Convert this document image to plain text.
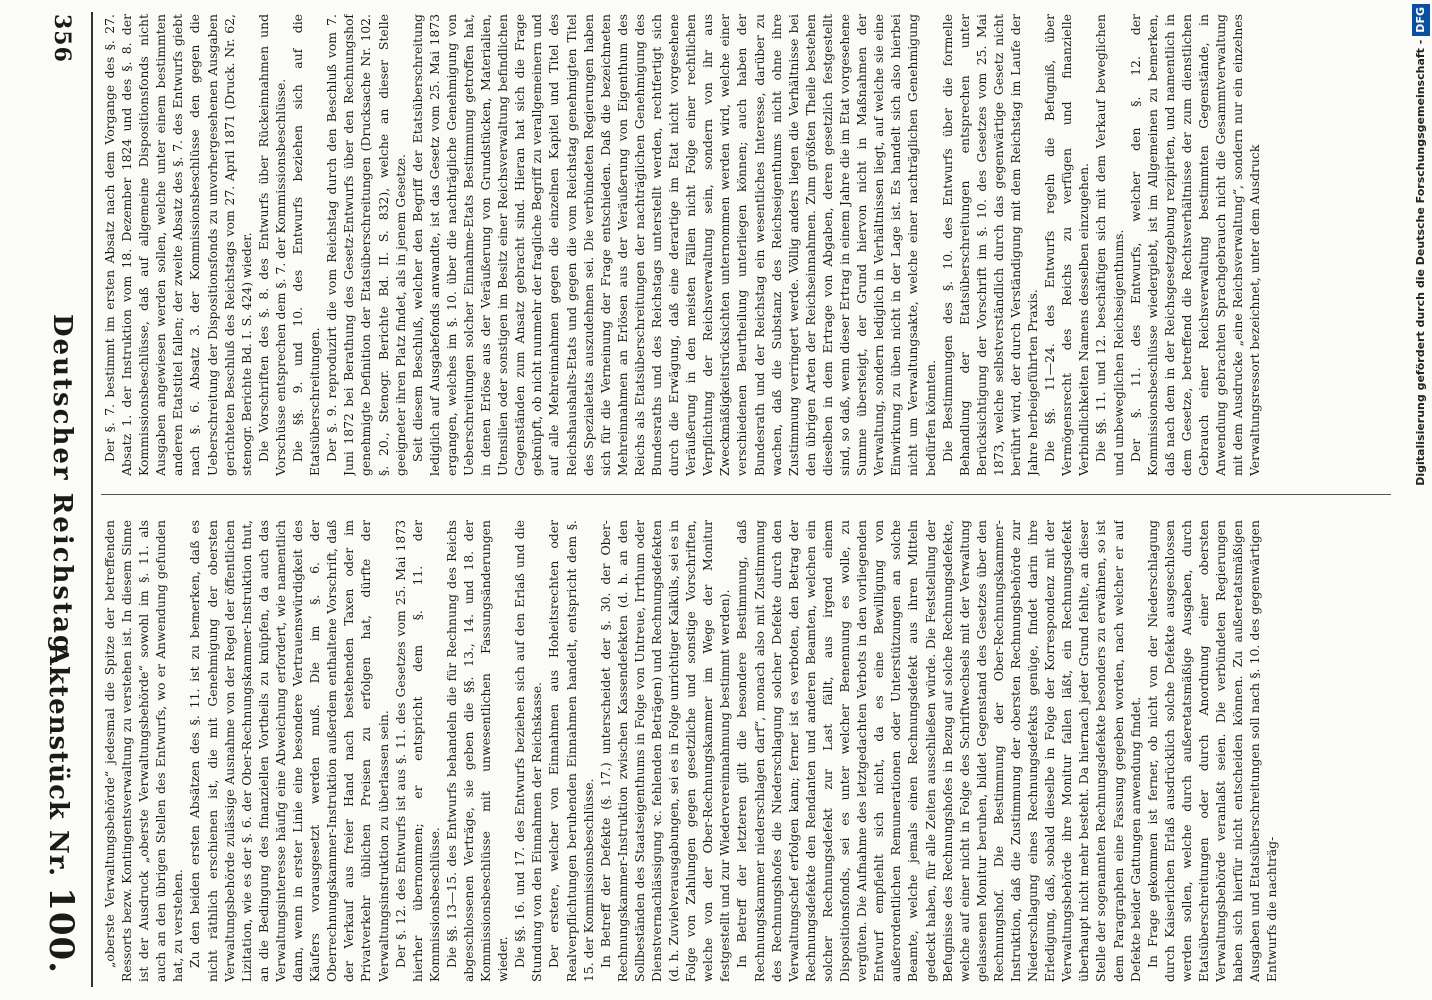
356
Deutscher Reichstag.
Aktenstück Nr. 100.

Der §. 7. bestimmt im ersten Absatz nach dem Vorgange des §. 27. Absatz 1. der Instruktion vom 18. Dezember 1824 und des §. 8. der Kommissionsbeschlüsse, daß auf allgemeine Dispositionsfonds nicht Ausgaben angewiesen werden sollen, welche unter einem bestimmten anderen Etatstitel fallen; der zweite Absatz des §. 7. des Entwurfs giebt nach §. 6. Absatz 3. der Kommissionsbeschlüsse den gegen die Ueberschreitung der Dispositionsfonds zu unvorhergesehenen Ausgaben gerichteten Beschluß des Reichstags vom 27. April 1871 (Druck. Nr. 62, stenogr. Berichte Bd. I. S. 424) wieder. Die Vorschriften des §. 8. des Entwurfs über Rückeinnahmen und Vorschüsse entsprechen dem §. 7. der Kommissionsbeschlüsse. Die §§. 9. und 10. des Entwurfs beziehen sich auf die Etatsüberschreitungen. Der §. 9. reproduzirt die vom Reichstag durch den Beschluß vom 7. Juni 1872 bei Berathung des Gesetz-Entwurfs über den Rechnungshof genehmigte Definition der Etatsüberschreitungen (Drucksache Nr. 102. §. 20., Stenogr. Berichte Bd. II. S. 832), welche an dieser Stelle geeigneter ihren Platz findet, als in jenem Gesetze. Seit diesem Beschluß, welcher den Begriff der Etatsüberschreitung lediglich auf Ausgabefonds anwandte, ist das Gesetz vom 25. Mai 1873 ergangen, welches im §. 10. über die nachträgliche Genehmigung von Ueberschreitungen solcher Einnahme-Etats Bestimmung getroffen hat, in denen Erlöse aus der Veräußerung von Grundstücken, Materialien, Utensilien oder sonstigen im Besitz einer Reichsverwaltung befindlichen Gegenständen zum Ansatz gebracht sind. Hieran hat sich die Frage geknüpft, ob nicht nunmehr der fragliche Begriff zu verallgemeinern und auf alle Mehreinnahmen gegen die einzelnen Kapitel und Titel des Reichshaushalts-Etats und gegen die vom Reichstag genehmigten Titel des Spezialetats auszudehnen sei. Die verbündeten Regierungen haben sich für die Verneinung der Frage entschieden. Daß die bezeichneten Mehreinnahmen an Erlösen aus der Veräußerung von Eigenthum des Reichs als Etatsüberschreitungen der nachträglichen Genehmigung des Bundesraths und des Reichstags unterstellt werden, rechtfertigt sich durch die Erwägung, daß eine derartige im Etat nicht vorgesehene Veräußerung in den meisten Fällen nicht Folge einer rechtlichen Verpflichtung der Reichsverwaltung sein, sondern von ihr aus Zweckmäßigkeitsrücksichten unternommen werden wird, welche einer verschiedenen Beurtheilung unterliegen können; auch haben der Bundesrath und der Reichstag ein wesentliches Interesse, darüber zu wachen, daß die Substanz des Reichseigenthums nicht ohne ihre Zustimmung verringert werde. Völlig anders liegen die Verhältnisse bei den übrigen Arten der Reichseinnahmen. Zum größten Theile bestehen dieselben in dem Ertrage von Abgaben, deren gesetzlich festgestellt sind, so daß, wenn dieser Ertrag in einem Jahre die im Etat vorgesehene Summe übersteigt, der Grund hiervon nicht in Maßnahmen der Verwaltung, sondern lediglich in Verhältnissen liegt, auf welche sie eine Einwirkung zu üben nicht in der Lage ist. Es handelt sich also hierbei nicht um Verwaltungsakte, welche einer nachträglichen Genehmigung bedürfen könnten. Die Bestimmungen des §. 10. des Entwurfs über die formelle Behandlung der Etatsüberschreitungen entsprechen unter Berücksichtigung der Vorschrift im §. 10. des Gesetzes vom 25. Mai 1873, welche selbstverständlich durch das gegenwärtige Gesetz nicht berührt wird, der durch Verständigung mit dem Reichstag im Laufe der Jahre herbeigeführten Praxis. Die §§. 11—24. des Entwurfs regeln die Befugniß, über Vermögensrecht des Reichs zu verfügen und finanzielle Verbindlichkeiten Namens desselben einzugehen. Die §§. 11. und 12. beschäftigen sich mit dem Verkauf beweglichen und unbeweglichen Reichseigenthums. Der §. 11. des Entwurfs, welcher den §. 12. der Kommissionsbeschlüsse wiedergiebt, ist im Allgemeinen zu bemerken, daß nach dem in der Reichsgesetzgebung rezipirten, und namentlich in dem Gesetze, betreffend die Rechtsverhältnisse der zum dienstlichen Gebrauch einer Reichsverwaltung bestimmten Gegenstände, in Anwendung gebrachten Sprachgebrauch nicht die Gesammtverwaltung mit dem Ausdrucke „eine Reichsverwaltung“, sondern nur ein einzelnes Verwaltungsressort bezeichnet, unter dem Ausdruck

„oberste Verwaltungsbehörde“ jedesmal die Spitze der betreffenden Ressorts bezw. Kontingentsverwaltung zu verstehen ist. In diesem Sinne ist der Ausdruck „oberste Verwaltungsbehörde“ sowohl im §. 11. als auch an den übrigen Stellen des Entwurfs, wo er Anwendung gefunden hat, zu verstehen. Zu den beiden ersten Absätzen des §. 11. ist zu bemerken, daß es nicht räthlich erschienen ist, die mit Genehmigung der obersten Verwaltungsbehörde zulässige Ausnahme von der Regel der öffentlichen Lizitation, wie es der §. 6. der Ober-Rechnungskammer-Instruktion thut, an die Bedingung des finanziellen Vortheils zu knüpfen, da auch das Verwaltungsinteresse häufig eine Abweichung erfordert, wie namentlich dann, wenn in erster Linie eine besondere Vertrauenswürdigkeit des Käufers vorausgesetzt werden muß. Die im §. 6. der Oberrechnungskammer-Instruktion außerdem enthaltene Vorschrift, daß der Verkauf aus freier Hand nach bestehenden Taxen oder im Privatverkehr üblichen Preisen zu erfolgen hat, dürfte der Verwaltungsinstruktion zu überlassen sein. Der §. 12. des Entwurfs ist aus §. 11. des Gesetzes vom 25. Mai 1873 hierher übernommen; er entspricht dem §. 11. der Kommissionsbeschlüsse. Die §§. 13—15. des Entwurfs behandeln die für Rechnung des Reichs abgeschlossenen Verträge, sie geben die §§. 13., 14. und 18. der Kommissionsbeschlüsse mit unwesentlichen Fassungsänderungen wieder. Die §§. 16. und 17. des Entwurfs beziehen sich auf den Erlaß und die Stundung von den Einnahmen der Reichskasse. Der erstere, welcher von Einnahmen aus Hoheitsrechten oder Realverpflichtungen beruhenden Einnahmen handelt, entspricht dem §. 15. der Kommissionsbeschlüsse. In Betreff der Defekte (§. 17.) unterscheidet der §. 30. der Ober-Rechnungskammer-Instruktion zwischen Kassendefekten (d. h. an den Sollbeständen des Staatseigenthums in Folge von Untreue, Irrthum oder Dienstvernachlässigung ꝛc. fehlenden Beträgen) und Rechnungsdefekten (d. h. Zuvielverausgabungen, sei es in Folge unrichtiger Kalküls, sei es in Folge von Zahlungen gegen gesetzliche und sonstige Vorschriften, welche von der Ober-Rechnungskammer im Wege der Monitur festgestellt und zur Wiedervereinnahmung bestimmt werden). In Betreff der letzteren gilt die besondere Bestimmung, daß Rechnungskammer niederschlagen darf“, monach also mit Zustimmung des Rechnungshofes die Niederschlagung solcher Defekte durch den Verwaltungschef erfolgen kann; ferner ist es verboten, den Betrag der Rechnungsdefekte den Rendanten und anderen Beamten, welchen ein solcher Rechnungsdefekt zur Last fällt, aus irgend einem Dispositionsfonds, sei es unter welcher Benennung es wolle, zu vergüten. Die Aufnahme des letztgedachten Verbots in den vorliegenden Entwurf empfiehlt sich nicht, da es eine Bewilligung von außerordentlichen Remunerationen oder Unterstützungen an solche Beamte, welche jemals einen Rechnungsdefekt aus ihren Mitteln gedeckt haben, für alle Zeiten ausschließen würde. Die Feststellung der Befugnisse des Rechnungshofes in Bezug auf solche Rechnungsdefekte, welche auf einer nicht in Folge des Schriftwechsels mit der Verwaltung gelassenen Monitur beruhen, bildet Gegenstand des Gesetzes über den Rechnungshof. Die Bestimmung der Ober-Rechnungskammer-Instruktion, daß die Zustimmung der obersten Rechnungsbehörde zur Niederschlagung eines Rechnungsdefekts genüge, findet darin ihre Erledigung, daß, sobald dieselbe in Folge der Korrespondenz mit der Verwaltungsbehörde ihre Monitur fallen läßt, ein Rechnungsdefekt überhaupt nicht mehr besteht. Da hiernach jeder Grund fehlte, an dieser Stelle der sogenannten Rechnungsdefekte besonders zu erwähnen, so ist dem Paragraphen eine Fassung gegeben worden, nach welcher er auf Defekte beider Gattungen anwendung findet. In Frage gekommen ist ferner, ob nicht von der Niederschlagung durch Kaiserlichen Erlaß ausdrücklich solche Defekte ausgeschlossen werden sollen, welche durch außeretatsmäßige Ausgaben, durch Etatsüberschreitungen oder durch Anordnung einer obersten Verwaltungsbehörde veranlaßt seien. Die verbündeten Regierungen haben sich hierfür nicht entscheiden können. Zu außeretatsmäßigen Ausgaben und Etatsüberschreitungen soll nach §. 10. des gegenwärtigen Entwurfs die nachträg-

Digitalisierung gefördert durch die Deutsche Forschungsgemeinschaft -DFG
